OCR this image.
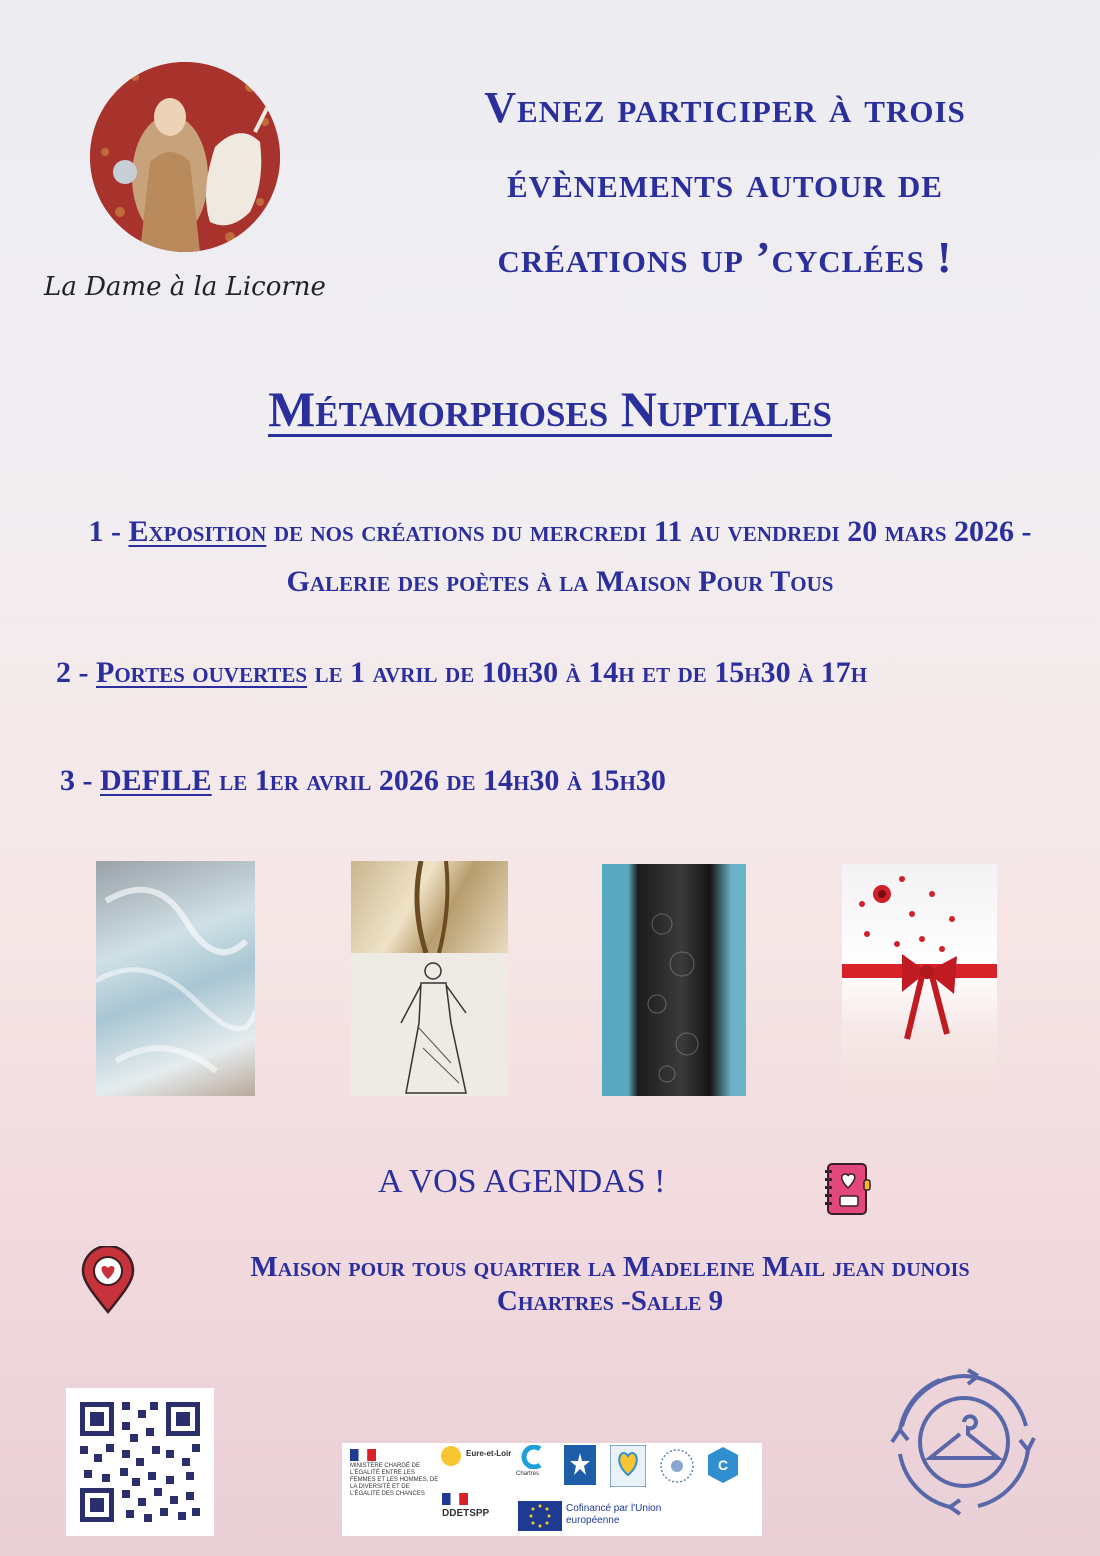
La Dame à la Licorne
Venez participer à trois
évènements autour de
créations up ’cyclées !
Métamorphoses Nuptiales
1 - Exposition de nos créations du mercredi 11 au vendredi 20 mars 2026 - Galerie des poètes à la Maison Pour Tous
2 - Portes ouvertes le 1 avril de 10h30 à 14h et de 15h30 à 17h
3 - DEFILE le 1er avril 2026 de 14h30 à 15h30
A VOS AGENDAS !
Maison pour tous quartier la Madeleine Mail jean dunois
Chartres -Salle 9
MINISTÈRE CHARGÉ DE L'ÉGALITÉ ENTRE LES FEMMES ET LES HOMMES, DE LA DIVERSITÉ ET DE L'ÉGALITÉ DES CHANCES
DDETSPP
Eure-et-Loir
Chartres
C
Cofinancé par l'Union européenne
